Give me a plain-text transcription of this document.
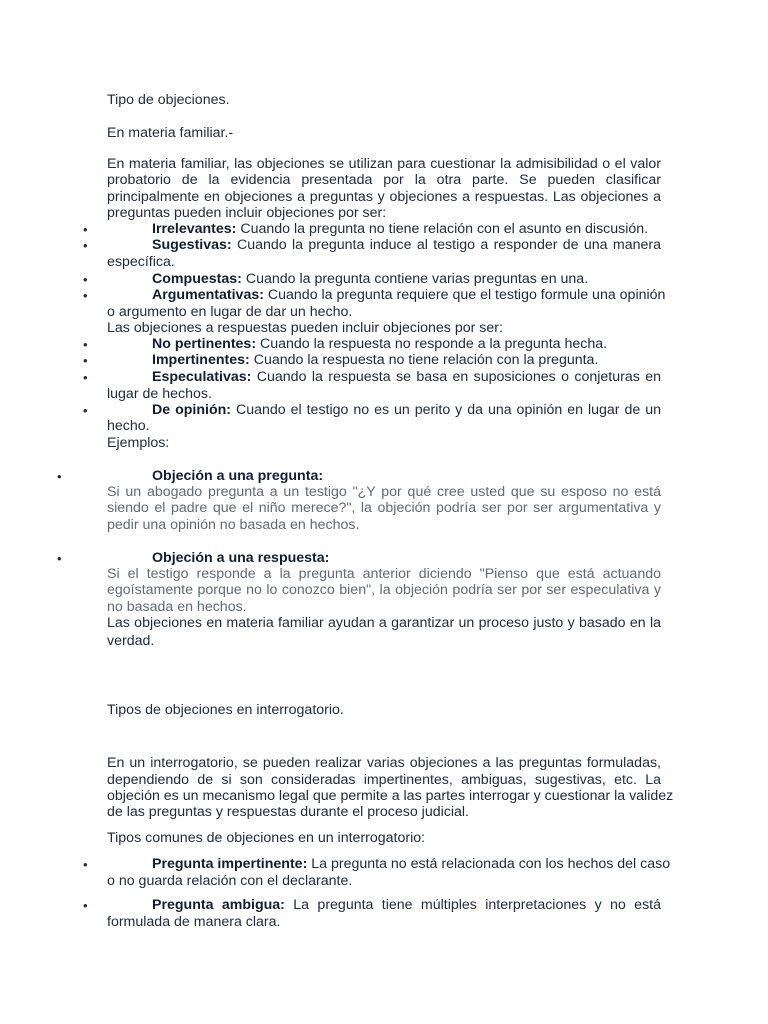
Tipo de objeciones.

En materia familiar.-

En materia familiar, las objeciones se utilizan para cuestionar la admisibilidad o el valor

probatorio de la evidencia presentada por la otra parte. Se pueden clasificar

principalmente en objeciones a preguntas y objeciones a respuestas. Las objeciones a

preguntas pueden incluir objeciones por ser:

•	Irrelevantes: Cuando la pregunta no tiene relación con el asunto en discusión.

•	Sugestivas: Cuando la pregunta induce al testigo a responder de una manera

específica.

•	Compuestas: Cuando la pregunta contiene varias preguntas en una.

•	Argumentativas: Cuando la pregunta requiere que el testigo formule una opinión

o argumento en lugar de dar un hecho.

Las objeciones a respuestas pueden incluir objeciones por ser:

•	No pertinentes: Cuando la respuesta no responde a la pregunta hecha.

•	Impertinentes: Cuando la respuesta no tiene relación con la pregunta.

•	Especulativas: Cuando la respuesta se basa en suposiciones o conjeturas en

lugar de hechos.

•	De opinión: Cuando el testigo no es un perito y da una opinión en lugar de un

hecho.

Ejemplos:

•	Objeción a una pregunta:

Si un abogado pregunta a un testigo "¿Y por qué cree usted que su esposo no está

siendo el padre que el niño merece?", la objeción podría ser por ser argumentativa y

pedir una opinión no basada en hechos.

•	Objeción a una respuesta:

Si el testigo responde a la pregunta anterior diciendo "Pienso que está actuando

egoístamente porque no lo conozco bien", la objeción podría ser por ser especulativa y

no basada en hechos.

Las objeciones en materia familiar ayudan a garantizar un proceso justo y basado en la

verdad.

Tipos de objeciones en interrogatorio.

En un interrogatorio, se pueden realizar varias objeciones a las preguntas formuladas,

dependiendo de si son consideradas impertinentes, ambiguas, sugestivas, etc. La

objeción es un mecanismo legal que permite a las partes interrogar y cuestionar la validez

de las preguntas y respuestas durante el proceso judicial.

Tipos comunes de objeciones en un interrogatorio:

•	Pregunta impertinente: La pregunta no está relacionada con los hechos del caso

o no guarda relación con el declarante.

•	Pregunta ambigua: La pregunta tiene múltiples interpretaciones y no está

formulada de manera clara.
